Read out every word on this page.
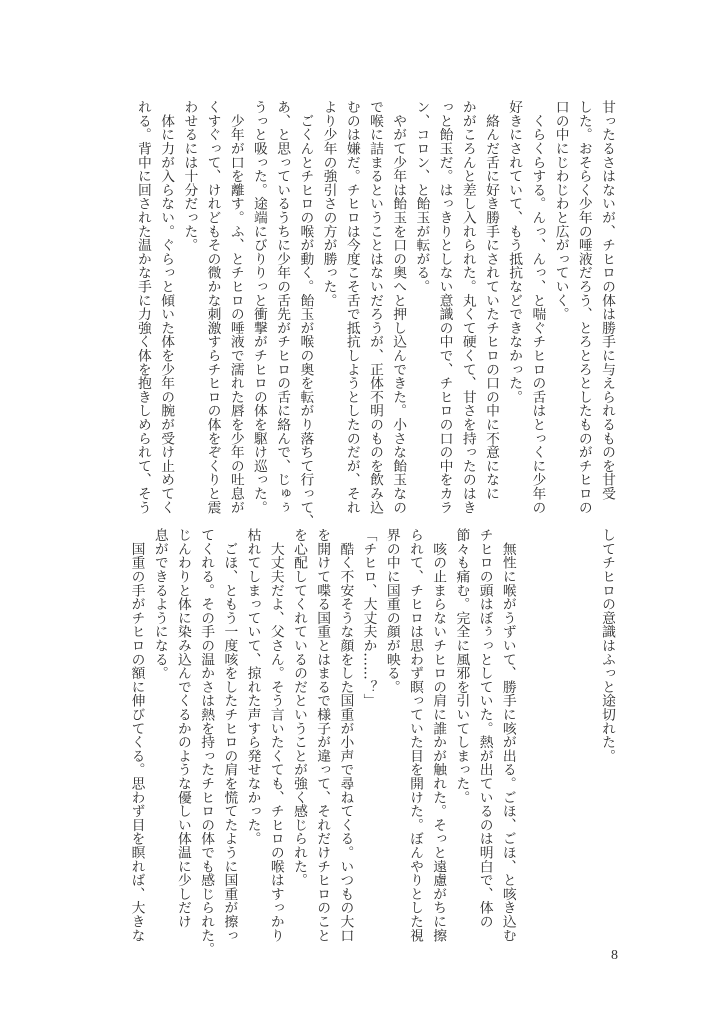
甘ったるさはないが、チヒロの体は勝手に与えられるものを甘受
した。おそらく少年の唾液だろう、とろとろとしたものがチヒロの
口の中にじわじわと広がっていく。
　くらくらする。んっ、んっ、と喘ぐチヒロの舌はとっくに少年の
好きにされていて、もう抵抗などできなかった。
　絡んだ舌に好き勝手にされていたチヒロの口の中に不意になに
かがころんと差し入れられた。丸くて硬くて、甘さを持ったのはき
っと飴玉だ。はっきりとしない意識の中で、チヒロの口の中をカラ
ン、コロン、と飴玉が転がる。
　やがて少年は飴玉を口の奥へと押し込んできた。小さな飴玉なの
で喉に詰まるということはないだろうが、正体不明のものを飲み込
むのは嫌だ。チヒロは今度こそ舌で抵抗しようとしたのだが、それ
より少年の強引さの方が勝った。
　ごくんとチヒロの喉が動く。飴玉が喉の奥を転がり落ちて行って、
あ、と思っているうちに少年の舌先がチヒロの舌に絡んで、じゅぅ
うっと吸った。途端にびりりっと衝撃がチヒロの体を駆け巡った。
　少年が口を離す。ふ、とチヒロの唾液で濡れた唇を少年の吐息が
くすぐって、けれどもその微かな刺激すらチヒロの体をぞくりと震
わせるには十分だった。
　体に力が入らない。ぐらっと傾いた体を少年の腕が受け止めてく
れる。背中に回された温かな手に力強く体を抱きしめられて、そう
してチヒロの意識はふっと途切れた。
　無性に喉がうずいて、勝手に咳が出る。ごほ、ごほ、と咳き込む
チヒロの頭はぼぅっとしていた。熱が出ているのは明白で、体の
節々も痛む。完全に風邪を引いてしまった。
　咳の止まらないチヒロの肩に誰かが触れた。そっと遠慮がちに擦
られて、チヒロは思わず瞑っていた目を開けた。ぼんやりとした視
界の中に国重の顔が映る。
「チヒロ、大丈夫か……？」
　酷く不安そうな顔をした国重が小声で尋ねてくる。いつもの大口
を開けて喋る国重とはまるで様子が違って、それだけチヒロのこと
を心配してくれているのだということが強く感じられた。
　大丈夫だよ、父さん。そう言いたくても、チヒロの喉はすっかり
枯れてしまっていて、掠れた声すら発せなかった。
　ごほ、ともう一度咳をしたチヒロの肩を慌てたように国重が擦っ
てくれる。その手の温かさは熱を持ったチヒロの体でも感じられた。
じんわりと体に染み込んでくるかのような優しい体温に少しだけ
息ができるようになる。
　国重の手がチヒロの額に伸びてくる。思わず目を瞑れば、大きな
8
